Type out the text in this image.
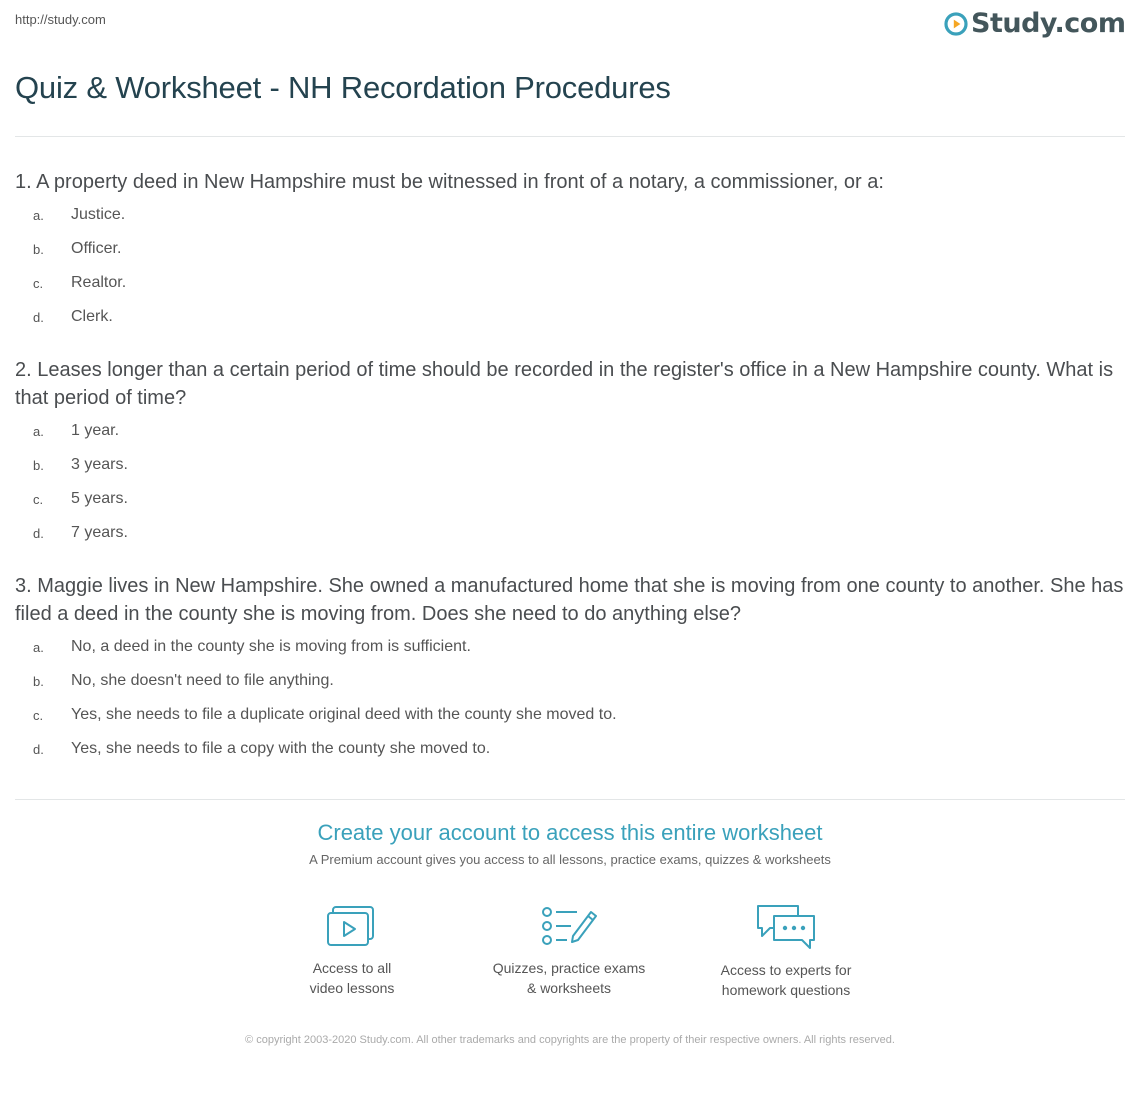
http://study.com	Study.com
Quiz & Worksheet - NH Recordation Procedures
1. A property deed in New Hampshire must be witnessed in front of a notary, a commissioner, or a:
a.	Justice.
b.	Officer.
c.	Realtor.
d.	Clerk.
2. Leases longer than a certain period of time should be recorded in the register's office in a New Hampshire county. What is that period of time?
a.	1 year.
b.	3 years.
c.	5 years.
d.	7 years.
3. Maggie lives in New Hampshire. She owned a manufactured home that she is moving from one county to another. She has filed a deed in the county she is moving from. Does she need to do anything else?
a.	No, a deed in the county she is moving from is sufficient.
b.	No, she doesn't need to file anything.
c.	Yes, she needs to file a duplicate original deed with the county she moved to.
d.	Yes, she needs to file a copy with the county she moved to.
Create your account to access this entire worksheet
A Premium account gives you access to all lessons, practice exams, quizzes & worksheets
Access to all
video lessons
Quizzes, practice exams
& worksheets
Access to experts for
homework questions
© copyright 2003-2020 Study.com. All other trademarks and copyrights are the property of their respective owners. All rights reserved.
